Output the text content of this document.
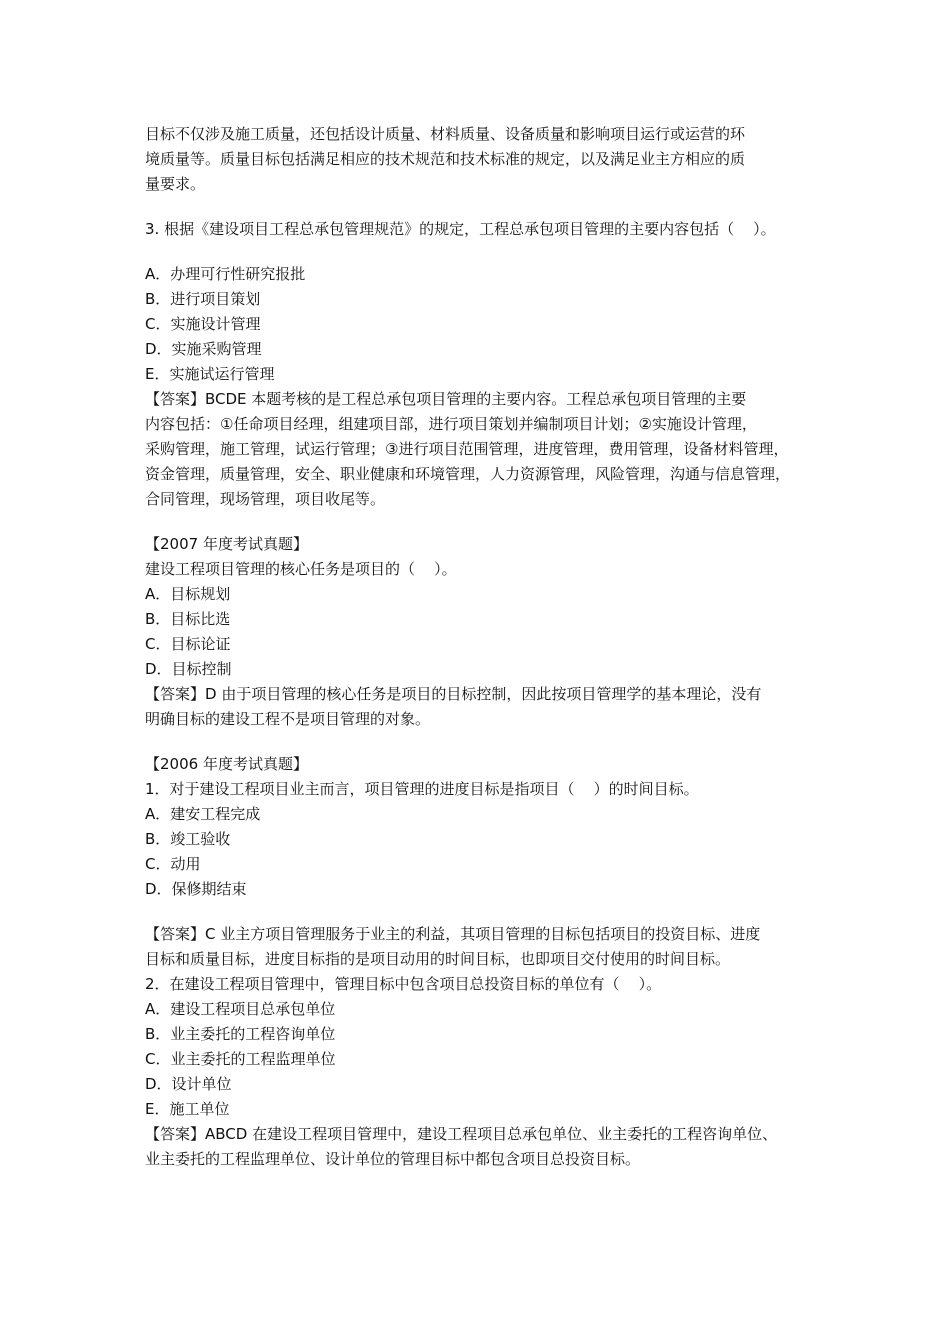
目标不仅涉及施工质量，还包括设计质量、材料质量、设备质量和影响项目运行或运营的环

境质量等。质量目标包括满足相应的技术规范和技术标准的规定，以及满足业主方相应的质

量要求。

3. 根据《建设项目工程总承包管理规范》的规定，工程总承包项目管理的主要内容包括（    ）。

A．办理可行性研究报批

B．进行项目策划

C．实施设计管理

D．实施采购管理

E．实施试运行管理

【答案】BCDE 本题考核的是工程总承包项目管理的主要内容。工程总承包项目管理的主要

内容包括：①任命项目经理，组建项目部，进行项目策划并编制项目计划；②实施设计管理，

采购管理，施工管理，试运行管理；③进行项目范围管理，进度管理，费用管理，设备材料管理，

资金管理，质量管理，安全、职业健康和环境管理，人力资源管理，风险管理，沟通与信息管理，

合同管理，现场管理，项目收尾等。

【2007 年度考试真题】

建设工程项目管理的核心任务是项目的（    ）。

A．目标规划

B．目标比选

C．目标论证

D．目标控制

【答案】D 由于项目管理的核心任务是项目的目标控制，因此按项目管理学的基本理论，没有

明确目标的建设工程不是项目管理的对象。

【2006 年度考试真题】

1．对于建设工程项目业主而言，项目管理的进度目标是指项目（    ）的时间目标。

A．建安工程完成

B．竣工验收

C．动用

D．保修期结束

【答案】C 业主方项目管理服务于业主的利益，其项目管理的目标包括项目的投资目标、进度

目标和质量目标，进度目标指的是项目动用的时间目标，也即项目交付使用的时间目标。

2．在建设工程项目管理中，管理目标中包含项目总投资目标的单位有（    ）。

A．建设工程项目总承包单位

B．业主委托的工程咨询单位

C．业主委托的工程监理单位

D．设计单位

E．施工单位

【答案】ABCD 在建设工程项目管理中，建设工程项目总承包单位、业主委托的工程咨询单位、

业主委托的工程监理单位、设计单位的管理目标中都包含项目总投资目标。
